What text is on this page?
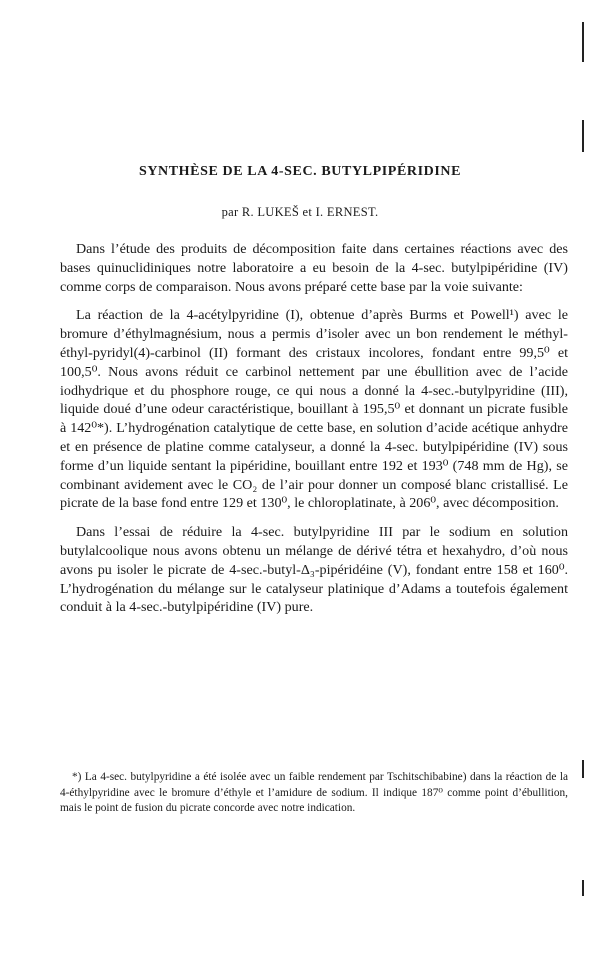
SYNTHÈSE DE LA 4-SEC. BUTYLPIPÉRIDINE
par R. LUKEŠ et I. ERNEST.

Dans l’étude des produits de décomposition faite dans certaines réactions avec des bases quinuclidiniques notre laboratoire a eu besoin de la 4-sec. butylpipéridine (IV) comme corps de comparaison. Nous avons préparé cette base par la voie suivante:

La réaction de la 4-acétylpyridine (I), obtenue d’après Burms et Powell¹) avec le bromure d’éthylmagnésium, nous a permis d’isoler avec un bon rendement le méthyl-éthyl-pyridyl(4)-carbinol (II) formant des cristaux incolores, fondant entre 99,5⁰ et 100,5⁰. Nous avons réduit ce carbinol nettement par une ébullition avec de l’acide iodhydrique et du phosphore rouge, ce qui nous a donné la 4-sec.-butylpyridine (III), liquide doué d’une odeur caractéristique, bouillant à 195,5⁰ et donnant un picrate fusible à 142⁰*). L’hydrogénation catalytique de cette base, en solution d’acide acétique anhydre et en présence de platine comme catalyseur, a donné la 4-sec. butylpipéridine (IV) sous forme d’un liquide sentant la pipéridine, bouillant entre 192 et 193⁰ (748 mm de Hg), se combinant avidement avec le CO₂ de l’air pour donner un composé blanc cristallisé. Le picrate de la base fond entre 129 et 130⁰, le chloroplatinate, à 206⁰, avec décomposition.

Dans l’essai de réduire la 4-sec. butylpyridine III par le sodium en solution butylalcoolique nous avons obtenu un mélange de dérivé tétra et hexahydro, d’où nous avons pu isoler le picrate de 4-sec.-butyl-Δ₃-pipéridéine (V), fondant entre 158 et 160⁰. L’hydrogénation du mélange sur le catalyseur platinique d’Adams a toutefois également conduit à la 4-sec.-butylpipéridine (IV) pure.

*) La 4-sec. butylpyridine a été isolée avec un faible rendement par Tschitschibabine) dans la réaction de la 4-éthylpyridine avec le bromure d’éthyle et l’amidure de sodium. Il indique 187⁰ comme point d’ébullition, mais le point de fusion du picrate concorde avec notre indication.
